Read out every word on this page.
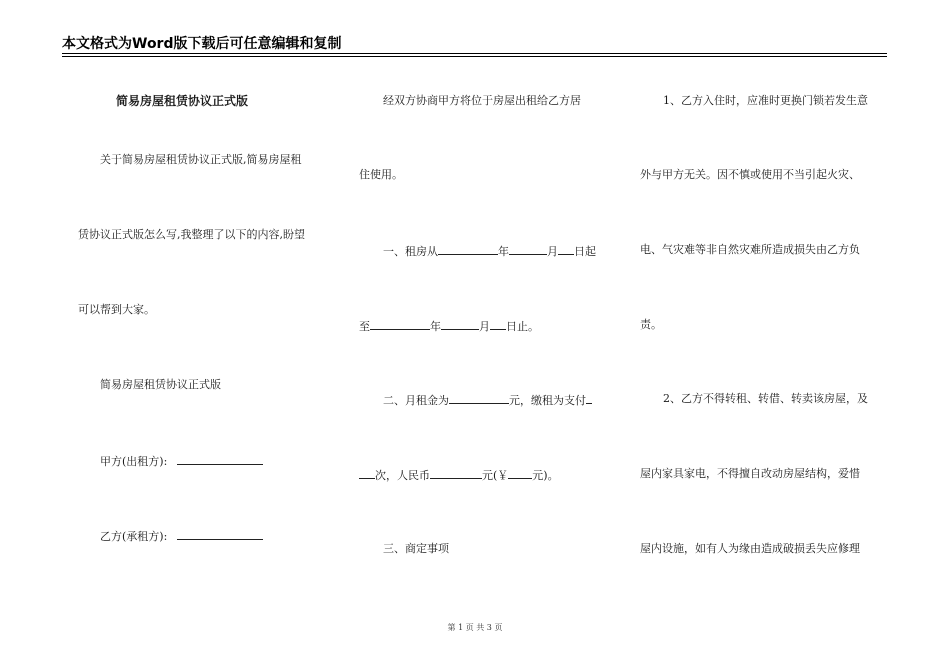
本文格式为Word版下载后可任意编辑和复制
简易房屋租赁协议正式版
关于简易房屋租赁协议正式版,简易房屋租
赁协议正式版怎么写,我整理了以下的内容,盼望
可以帮到大家。
简易房屋租赁协议正式版
甲方(出租方):
乙方(承租方):
经双方协商甲方将位于房屋出租给乙方居
住使用。
一、租房从	年	月 日起
至	年	月 日止。
二、月租金为	元，缴租为支付
次，人民币	元(￥ 元)。
三、商定事项
1、乙方入住时，应准时更换门锁若发生意
外与甲方无关。因不慎或使用不当引起火灾、
电、气灾难等非自然灾难所造成损失由乙方负
责。
2、乙方不得转租、转借、转卖该房屋，及
屋内家具家电，不得擅自改动房屋结构，爱惜
屋内设施，如有人为缘由造成破损丢失应修理
第 1 页 共 3 页
